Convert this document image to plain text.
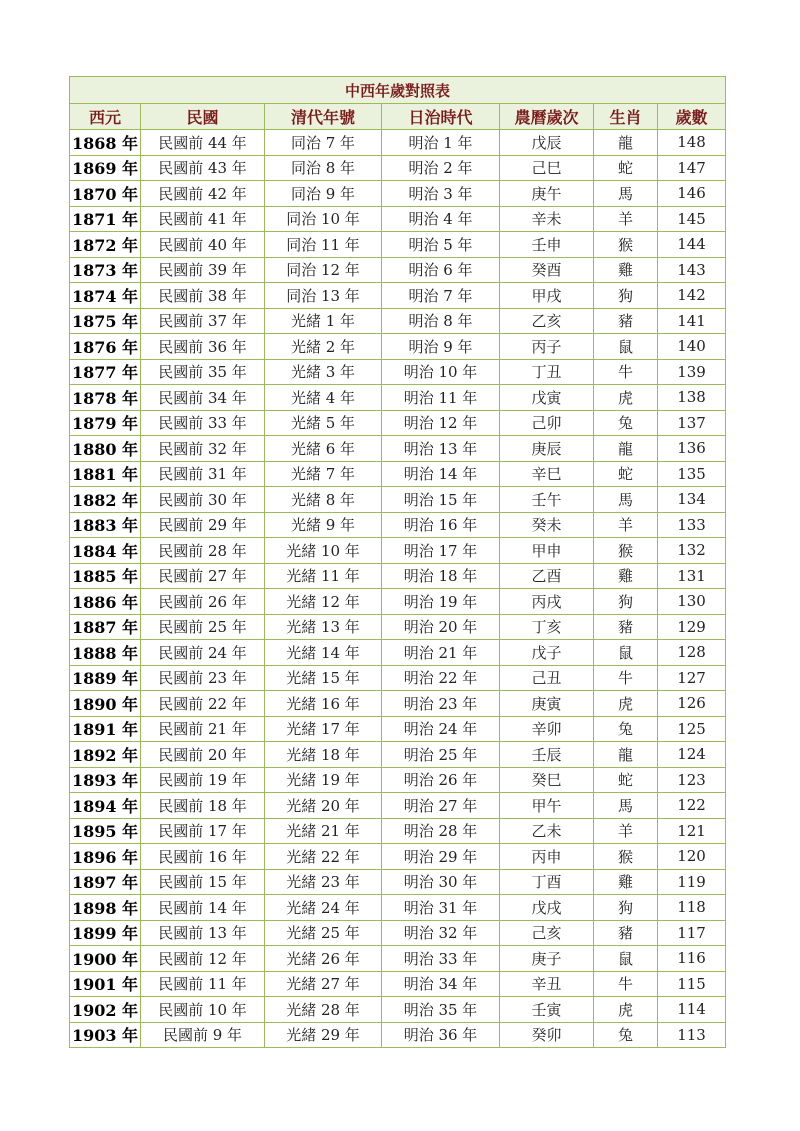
中西年歲對照表						
西元	民國	清代年號	日治時代	農曆歲次	生肖	歲數
1868 年	民國前 44 年	同治 7 年	明治 1 年	戊辰	龍	148
1869 年	民國前 43 年	同治 8 年	明治 2 年	己巳	蛇	147
1870 年	民國前 42 年	同治 9 年	明治 3 年	庚午	馬	146
1871 年	民國前 41 年	同治 10 年	明治 4 年	辛未	羊	145
1872 年	民國前 40 年	同治 11 年	明治 5 年	壬申	猴	144
1873 年	民國前 39 年	同治 12 年	明治 6 年	癸酉	雞	143
1874 年	民國前 38 年	同治 13 年	明治 7 年	甲戌	狗	142
1875 年	民國前 37 年	光緒 1 年	明治 8 年	乙亥	豬	141
1876 年	民國前 36 年	光緒 2 年	明治 9 年	丙子	鼠	140
1877 年	民國前 35 年	光緒 3 年	明治 10 年	丁丑	牛	139
1878 年	民國前 34 年	光緒 4 年	明治 11 年	戊寅	虎	138
1879 年	民國前 33 年	光緒 5 年	明治 12 年	己卯	兔	137
1880 年	民國前 32 年	光緒 6 年	明治 13 年	庚辰	龍	136
1881 年	民國前 31 年	光緒 7 年	明治 14 年	辛巳	蛇	135
1882 年	民國前 30 年	光緒 8 年	明治 15 年	壬午	馬	134
1883 年	民國前 29 年	光緒 9 年	明治 16 年	癸未	羊	133
1884 年	民國前 28 年	光緒 10 年	明治 17 年	甲申	猴	132
1885 年	民國前 27 年	光緒 11 年	明治 18 年	乙酉	雞	131
1886 年	民國前 26 年	光緒 12 年	明治 19 年	丙戌	狗	130
1887 年	民國前 25 年	光緒 13 年	明治 20 年	丁亥	豬	129
1888 年	民國前 24 年	光緒 14 年	明治 21 年	戊子	鼠	128
1889 年	民國前 23 年	光緒 15 年	明治 22 年	己丑	牛	127
1890 年	民國前 22 年	光緒 16 年	明治 23 年	庚寅	虎	126
1891 年	民國前 21 年	光緒 17 年	明治 24 年	辛卯	兔	125
1892 年	民國前 20 年	光緒 18 年	明治 25 年	壬辰	龍	124
1893 年	民國前 19 年	光緒 19 年	明治 26 年	癸巳	蛇	123
1894 年	民國前 18 年	光緒 20 年	明治 27 年	甲午	馬	122
1895 年	民國前 17 年	光緒 21 年	明治 28 年	乙未	羊	121
1896 年	民國前 16 年	光緒 22 年	明治 29 年	丙申	猴	120
1897 年	民國前 15 年	光緒 23 年	明治 30 年	丁酉	雞	119
1898 年	民國前 14 年	光緒 24 年	明治 31 年	戊戌	狗	118
1899 年	民國前 13 年	光緒 25 年	明治 32 年	己亥	豬	117
1900 年	民國前 12 年	光緒 26 年	明治 33 年	庚子	鼠	116
1901 年	民國前 11 年	光緒 27 年	明治 34 年	辛丑	牛	115
1902 年	民國前 10 年	光緒 28 年	明治 35 年	壬寅	虎	114
1903 年	民國前 9 年	光緒 29 年	明治 36 年	癸卯	兔	113
